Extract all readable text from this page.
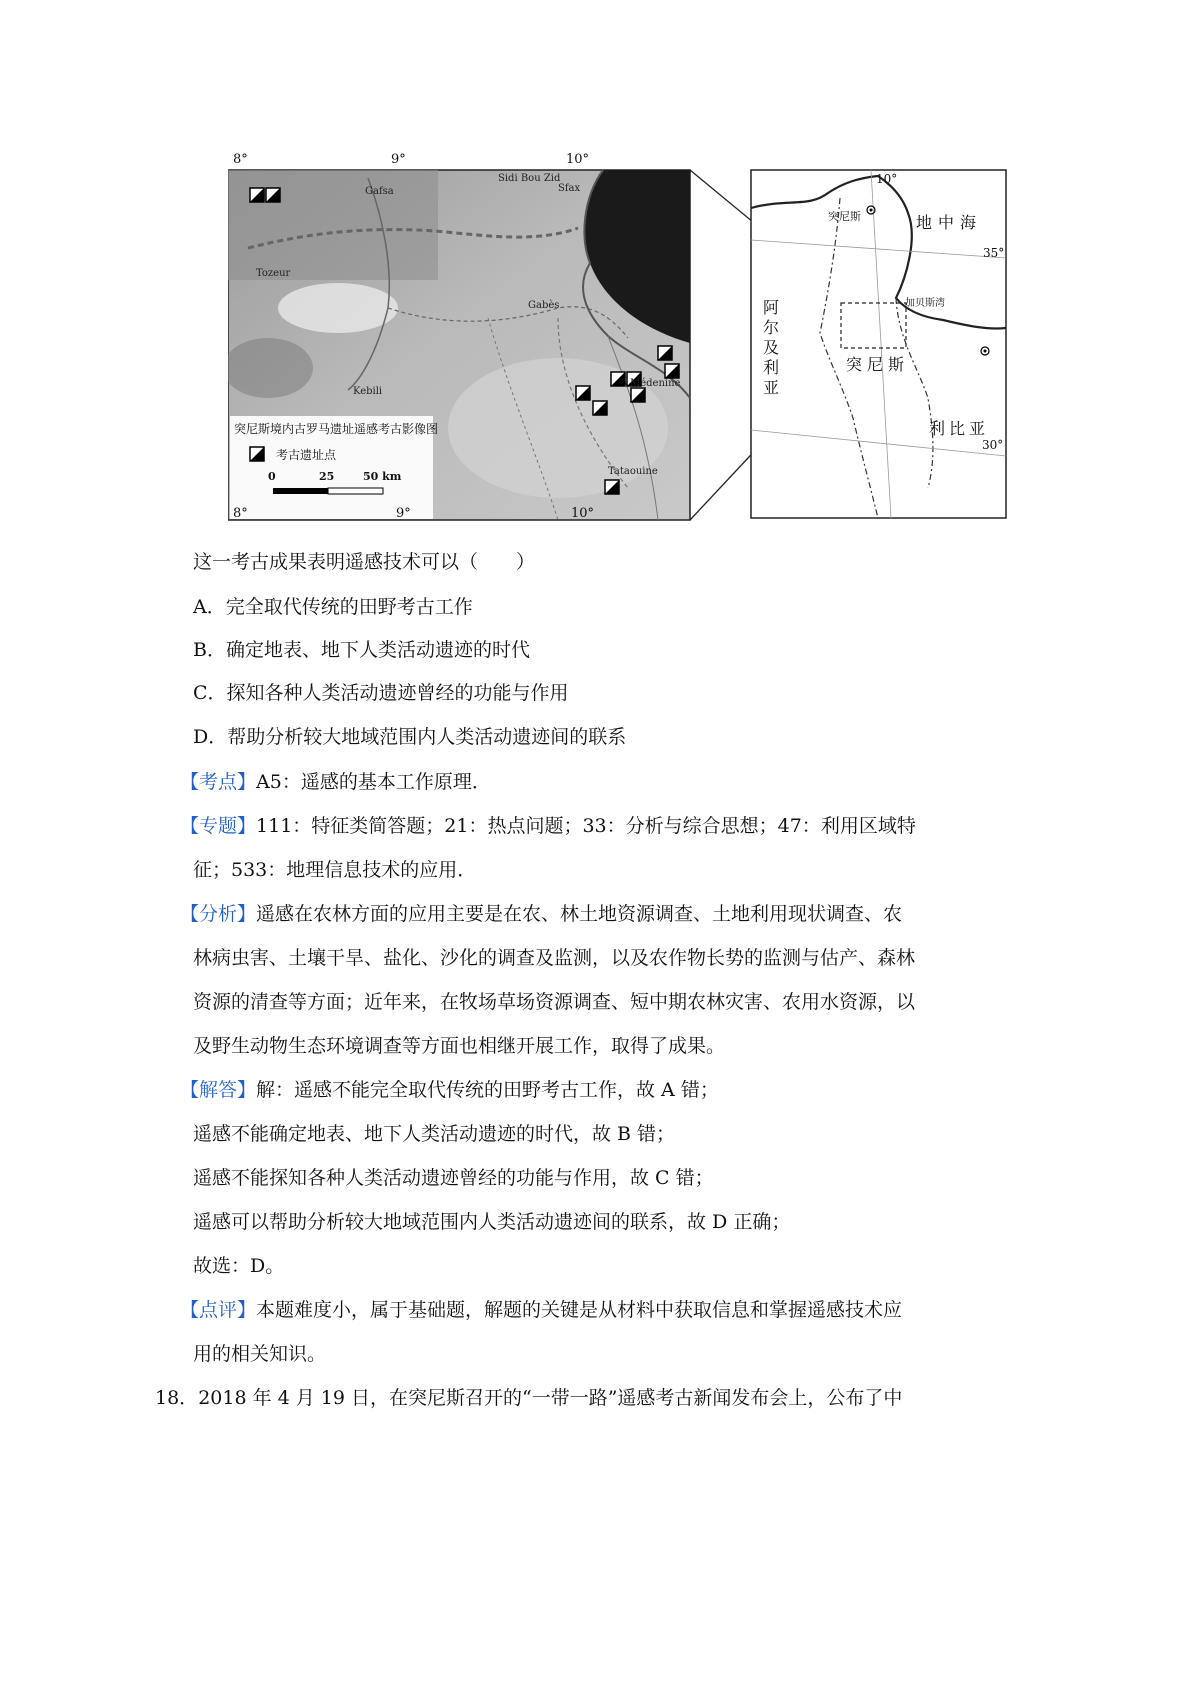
8°	9°	10°
8°	9°	10°
Gafsa
Sidi Bou Zid
Sfax
Gabès
Kebili
Médenine
Tataouine
Tozeur
突尼斯境内古罗马遗址遥感考古影像图
考古遗址点
0	25	50 km
10°
突尼斯	地中海
35°
加贝斯湾
阿尔及利亚
突尼斯
利比亚
30°
这一考古成果表明遥感技术可以（　　）
A．完全取代传统的田野考古工作
B．确定地表、地下人类活动遗迹的时代
C．探知各种人类活动遗迹曾经的功能与作用
D．帮助分析较大地域范围内人类活动遗迹间的联系
【考点】A5：遥感的基本工作原理．
【专题】111：特征类简答题；21：热点问题；33：分析与综合思想；47：利用区域特
征；533：地理信息技术的应用．
【分析】遥感在农林方面的应用主要是在农、林土地资源调查、土地利用现状调查、农
林病虫害、土壤干旱、盐化、沙化的调查及监测，以及农作物长势的监测与估产、森林
资源的清查等方面；近年来，在牧场草场资源调查、短中期农林灾害、农用水资源，以
及野生动物生态环境调查等方面也相继开展工作，取得了成果。
【解答】解：遥感不能完全取代传统的田野考古工作，故 A 错；
遥感不能确定地表、地下人类活动遗迹的时代，故 B 错；
遥感不能探知各种人类活动遗迹曾经的功能与作用，故 C 错；
遥感可以帮助分析较大地域范围内人类活动遗迹间的联系，故 D 正确；
故选：D。
【点评】本题难度小，属于基础题，解题的关键是从材料中获取信息和掌握遥感技术应
用的相关知识。
18．2018 年 4 月 19 日，在突尼斯召开的“一带一路”遥感考古新闻发布会上，公布了中
